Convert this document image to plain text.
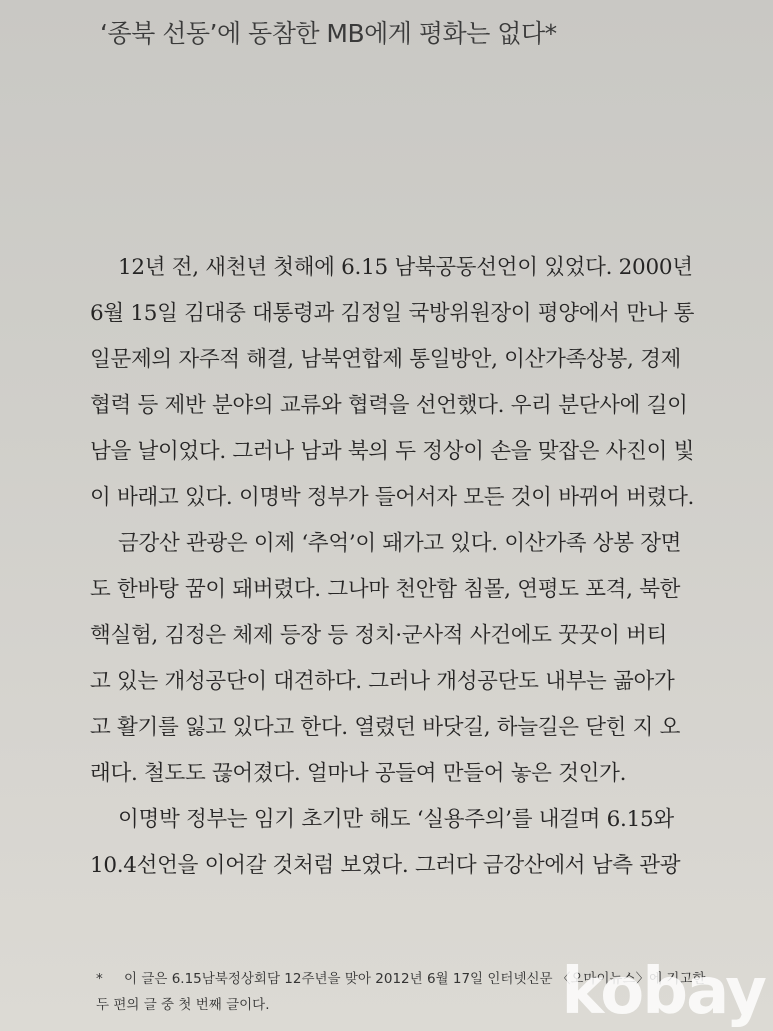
‘종북 선동’에 동참한 MB에게 평화는 없다*
12년 전, 새천년 첫해에 6.15 남북공동선언이 있었다. 2000년
6월 15일 김대중 대통령과 김정일 국방위원장이 평양에서 만나 통
일문제의 자주적 해결, 남북연합제 통일방안, 이산가족상봉, 경제
협력 등 제반 분야의 교류와 협력을 선언했다. 우리 분단사에 길이
남을 날이었다. 그러나 남과 북의 두 정상이 손을 맞잡은 사진이 빛
이 바래고 있다. 이명박 정부가 들어서자 모든 것이 바뀌어 버렸다.
금강산 관광은 이제 ‘추억’이 돼가고 있다. 이산가족 상봉 장면
도 한바탕 꿈이 돼버렸다. 그나마 천안함 침몰, 연평도 포격, 북한
핵실험, 김정은 체제 등장 등 정치·군사적 사건에도 꿋꿋이 버티
고 있는 개성공단이 대견하다. 그러나 개성공단도 내부는 곪아가
고 활기를 잃고 있다고 한다. 열렸던 바닷길, 하늘길은 닫힌 지 오
래다. 철도도 끊어졌다. 얼마나 공들여 만들어 놓은 것인가.
이명박 정부는 임기 초기만 해도 ‘실용주의’를 내걸며 6.15와
10.4선언을 이어갈 것처럼 보였다. 그러다 금강산에서 남측 관광
* 이 글은 6.15남북정상회담 12주년을 맞아 2012년 6월 17일 인터넷신문 〈오마이뉴스〉에 기고한
두 편의 글 중 첫 번째 글이다.	kobay
